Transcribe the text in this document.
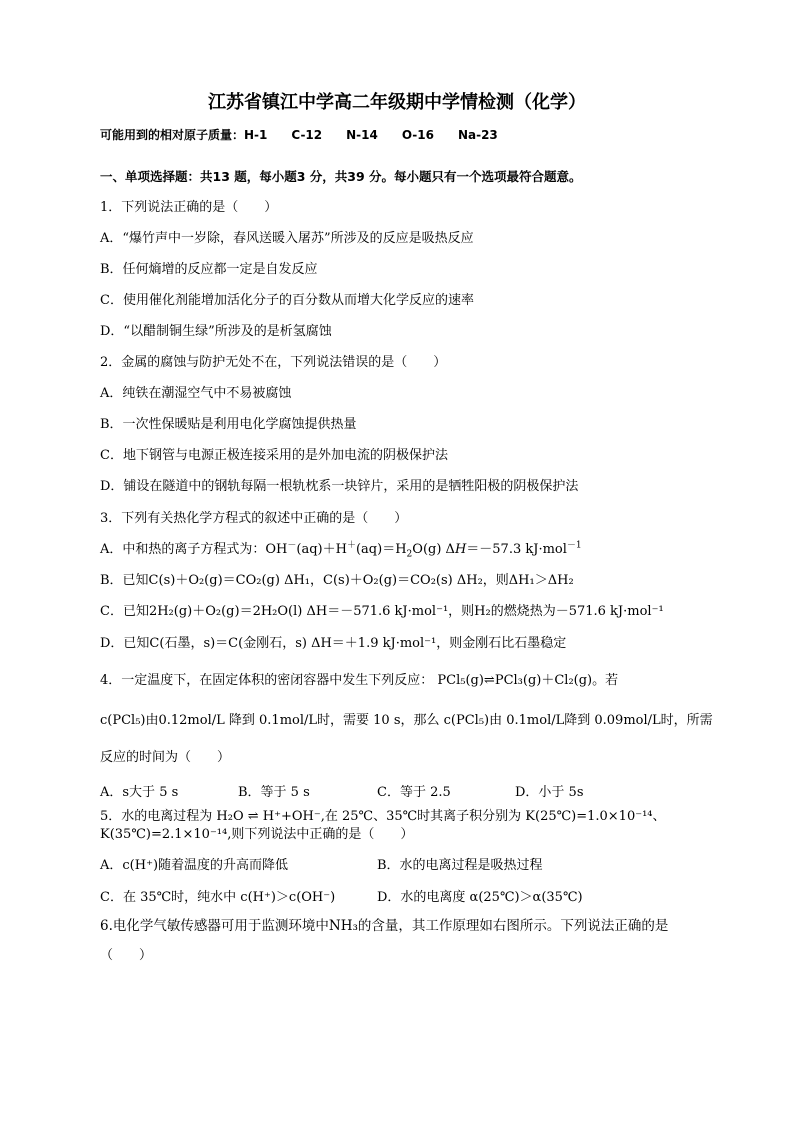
江苏省镇江中学高二年级期中学情检测（化学）
可能用到的相对原子质量：H-1　　C-12　　N-14　　O-16　　Na-23
一、单项选择题：共13 题，每小题3 分，共39 分。每小题只有一个选项最符合题意。
1．下列说法正确的是（　　）
A．“爆竹声中一岁除，春风送暖入屠苏”所涉及的反应是吸热反应
B．任何熵增的反应都一定是自发反应
C．使用催化剂能增加活化分子的百分数从而增大化学反应的速率
D．“以醋制铜生绿”所涉及的是析氢腐蚀
2．金属的腐蚀与防护无处不在，下列说法错误的是（　　）
A．纯铁在潮湿空气中不易被腐蚀
B．一次性保暖贴是利用电化学腐蚀提供热量
C．地下钢管与电源正极连接采用的是外加电流的阴极保护法
D．铺设在隧道中的钢轨每隔一根轨枕系一块锌片，采用的是牺牲阳极的阴极保护法
3．下列有关热化学方程式的叙述中正确的是（　　）
A．中和热的离子方程式为：$OH^-(aq)+H^+(aq)=H_2O(g)$ ΔH＝－57.3 kJ·mol$^{-1}$
B．已知C(s)＋O₂(g)＝CO₂(g) ΔH₁，C(s)＋O₂(g)＝CO₂(s) ΔH₂，则ΔH₁＞ΔH₂
C．已知2H₂(g)＋O₂(g)＝2H₂O(l) ΔH＝－571.6 kJ·mol⁻¹，则H₂的燃烧热为－571.6 kJ·mol⁻¹
D．已知C(石墨，s)＝C(金刚石，s) ΔH＝＋1.9 kJ·mol⁻¹，则金刚石比石墨稳定
4．一定温度下，在固定体积的密闭容器中发生下列反应： PCl₅(g)⇌PCl₃(g)＋Cl₂(g)。若
c(PCl₅)由0.12mol/L 降到 0.1mol/L时，需要 10 s，那么 c(PCl₅)由 0.1mol/L降到 0.09mol/L时，所需
反应的时间为（　　）
A．s大于 5 s	B．等于 5 s	C．等于 2.5	D．小于 5s
5．水的电离过程为 H₂O ⇌ H⁺+OH⁻,在 25℃、35℃时其离子积分别为 K(25℃)=1.0×10⁻¹⁴、
K(35℃)=2.1×10⁻¹⁴,则下列说法中正确的是（　　）
A．c(H⁺)随着温度的升高而降低	B．水的电离过程是吸热过程
C．在 35℃时，纯水中 c(H⁺)＞c(OH⁻)	D．水的电离度 α(25℃)＞α(35℃)
6.电化学气敏传感器可用于监测环境中NH₃的含量，其工作原理如右图所示。下列说法正确的是
（　　）
